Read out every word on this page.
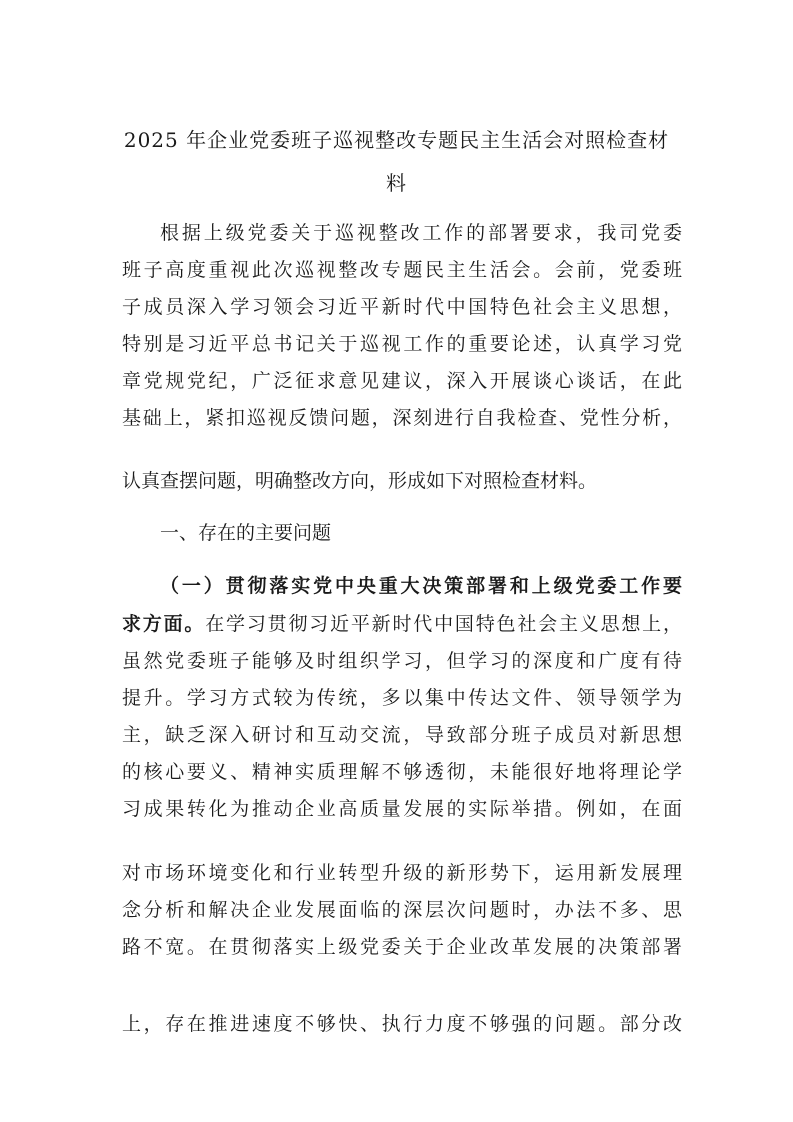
2025 年企业党委班子巡视整改专题民主生活会对照检查材
料
根据上级党委关于巡视整改工作的部署要求，我司党委
班子高度重视此次巡视整改专题民主生活会。会前，党委班
子成员深入学习领会习近平新时代中国特色社会主义思想，
特别是习近平总书记关于巡视工作的重要论述，认真学习党
章党规党纪，广泛征求意见建议，深入开展谈心谈话，在此
基础上，紧扣巡视反馈问题，深刻进行自我检查、党性分析，
认真查摆问题，明确整改方向，形成如下对照检查材料。
一、存在的主要问题
（一）贯彻落实党中央重大决策部署和上级党委工作要
求方面。在学习贯彻习近平新时代中国特色社会主义思想上，
虽然党委班子能够及时组织学习，但学习的深度和广度有待
提升。学习方式较为传统，多以集中传达文件、领导领学为
主，缺乏深入研讨和互动交流，导致部分班子成员对新思想
的核心要义、精神实质理解不够透彻，未能很好地将理论学
习成果转化为推动企业高质量发展的实际举措。例如，在面
对市场环境变化和行业转型升级的新形势下，运用新发展理
念分析和解决企业发展面临的深层次问题时，办法不多、思
路不宽。在贯彻落实上级党委关于企业改革发展的决策部署
上，存在推进速度不够快、执行力度不够强的问题。部分改
